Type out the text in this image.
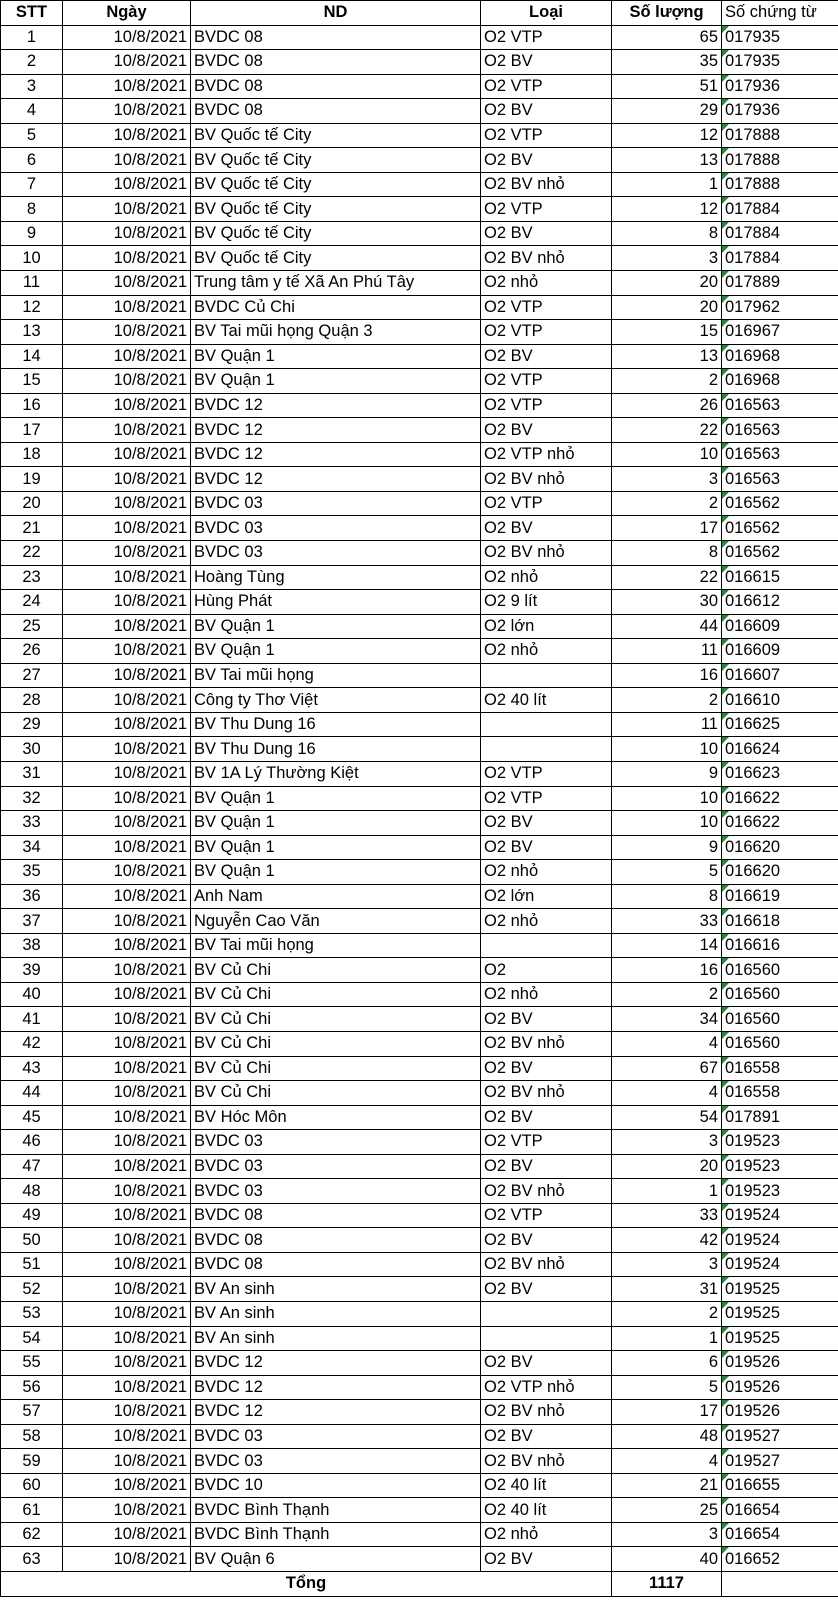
STT	Ngày	ND	Loại	Số lượng	Số chứng từ
1	10/8/2021	BVDC 08	O2 VTP	65	017935
2	10/8/2021	BVDC 08	O2 BV	35	017935
3	10/8/2021	BVDC 08	O2 VTP	51	017936
4	10/8/2021	BVDC 08	O2 BV	29	017936
5	10/8/2021	BV Quốc tế City	O2 VTP	12	017888
6	10/8/2021	BV Quốc tế City	O2 BV	13	017888
7	10/8/2021	BV Quốc tế City	O2 BV nhỏ	1	017888
8	10/8/2021	BV Quốc tế City	O2 VTP	12	017884
9	10/8/2021	BV Quốc tế City	O2 BV	8	017884
10	10/8/2021	BV Quốc tế City	O2 BV nhỏ	3	017884
11	10/8/2021	Trung tâm y tế Xã An Phú Tây	O2 nhỏ	20	017889
12	10/8/2021	BVDC Củ Chi	O2 VTP	20	017962
13	10/8/2021	BV Tai mũi họng Quận 3	O2 VTP	15	016967
14	10/8/2021	BV Quận 1	O2 BV	13	016968
15	10/8/2021	BV Quận 1	O2 VTP	2	016968
16	10/8/2021	BVDC 12	O2 VTP	26	016563
17	10/8/2021	BVDC 12	O2 BV	22	016563
18	10/8/2021	BVDC 12	O2 VTP nhỏ	10	016563
19	10/8/2021	BVDC 12	O2 BV nhỏ	3	016563
20	10/8/2021	BVDC 03	O2 VTP	2	016562
21	10/8/2021	BVDC 03	O2 BV	17	016562
22	10/8/2021	BVDC 03	O2 BV nhỏ	8	016562
23	10/8/2021	Hoàng Tùng	O2 nhỏ	22	016615
24	10/8/2021	Hùng Phát	O2 9 lít	30	016612
25	10/8/2021	BV Quận 1	O2 lớn	44	016609
26	10/8/2021	BV Quận 1	O2 nhỏ	11	016609
27	10/8/2021	BV Tai mũi họng		16	016607
28	10/8/2021	Công ty Thơ Việt	O2 40 lít	2	016610
29	10/8/2021	BV Thu Dung 16		11	016625
30	10/8/2021	BV Thu Dung 16		10	016624
31	10/8/2021	BV 1A Lý Thường Kiệt	O2 VTP	9	016623
32	10/8/2021	BV Quận 1	O2 VTP	10	016622
33	10/8/2021	BV Quận 1	O2 BV	10	016622
34	10/8/2021	BV Quận 1	O2 BV	9	016620
35	10/8/2021	BV Quận 1	O2 nhỏ	5	016620
36	10/8/2021	Anh Nam	O2 lớn	8	016619
37	10/8/2021	Nguyễn Cao Văn	O2 nhỏ	33	016618
38	10/8/2021	BV Tai mũi họng		14	016616
39	10/8/2021	BV Củ Chi	O2	16	016560
40	10/8/2021	BV Củ Chi	O2 nhỏ	2	016560
41	10/8/2021	BV Củ Chi	O2 BV	34	016560
42	10/8/2021	BV Củ Chi	O2 BV nhỏ	4	016560
43	10/8/2021	BV Củ Chi	O2 BV	67	016558
44	10/8/2021	BV Củ Chi	O2 BV nhỏ	4	016558
45	10/8/2021	BV Hóc Môn	O2 BV	54	017891
46	10/8/2021	BVDC 03	O2 VTP	3	019523
47	10/8/2021	BVDC 03	O2 BV	20	019523
48	10/8/2021	BVDC 03	O2 BV nhỏ	1	019523
49	10/8/2021	BVDC 08	O2 VTP	33	019524
50	10/8/2021	BVDC 08	O2 BV	42	019524
51	10/8/2021	BVDC 08	O2 BV nhỏ	3	019524
52	10/8/2021	BV An sinh	O2 BV	31	019525
53	10/8/2021	BV An sinh		2	019525
54	10/8/2021	BV An sinh		1	019525
55	10/8/2021	BVDC 12	O2 BV	6	019526
56	10/8/2021	BVDC 12	O2 VTP nhỏ	5	019526
57	10/8/2021	BVDC 12	O2 BV nhỏ	17	019526
58	10/8/2021	BVDC 03	O2 BV	48	019527
59	10/8/2021	BVDC 03	O2 BV nhỏ	4	019527
60	10/8/2021	BVDC 10	O2 40 lít	21	016655
61	10/8/2021	BVDC Bình Thạnh	O2 40 lít	25	016654
62	10/8/2021	BVDC Bình Thạnh	O2 nhỏ	3	016654
63	10/8/2021	BV Quận 6	O2 BV	40	016652
Tổng				1117	
